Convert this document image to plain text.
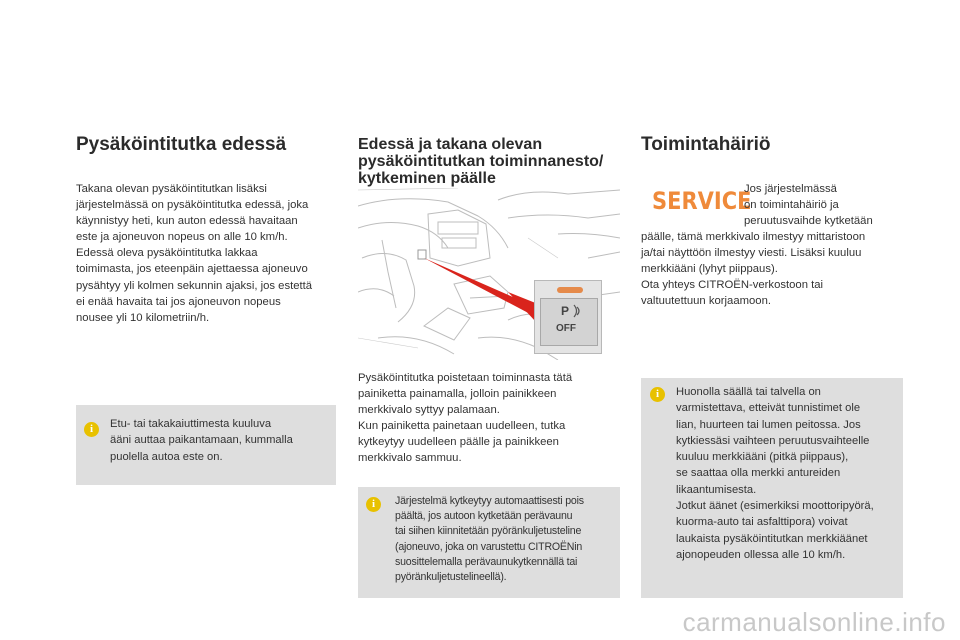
Pysäköintitutka edessä
Takana olevan pysäköintitutkan lisäksi
järjestelmässä on pysäköintitutka edessä, joka
käynnistyy heti, kun auton edessä havaitaan
este ja ajoneuvon nopeus on alle 10 km/h.
Edessä oleva pysäköintitutka lakkaa
toimimasta, jos eteenpäin ajettaessa ajoneuvo
pysähtyy yli kolmen sekunnin ajaksi, jos estettä
ei enää havaita tai jos ajoneuvon nopeus
nousee yli 10 kilometriin/h.
i	Etu- tai takakaiuttimesta kuuluva
ääni auttaa paikantamaan, kummalla
puolella autoa este on.
Edessä ja takana olevan
pysäköintitutkan toiminnanesto/
kytkeminen päälle
P
OFF
Pysäköintitutka poistetaan toiminnasta tätä
painiketta painamalla, jolloin painikkeen
merkkivalo syttyy palamaan.
Kun painiketta painetaan uudelleen, tutka
kytkeytyy uudelleen päälle ja painikkeen
merkkivalo sammuu.
i	Järjestelmä kytkeytyy automaattisesti pois
päältä, jos autoon kytketään perävaunu
tai siihen kiinnitetään pyöränkuljetusteline
(ajoneuvo, joka on varustettu CITROËNin
suosittelemalla perävaunukytkennällä tai
pyöränkuljetustelineellä).
Toimintahäiriö
SERVICE
Jos järjestelmässä
on toimintahäiriö ja
peruutusvaihde kytketään
päälle, tämä merkkivalo ilmestyy mittaristoon
ja/tai näyttöön ilmestyy viesti. Lisäksi kuuluu
merkkiääni (lyhyt piippaus).
Ota yhteys CITROËN-verkostoon tai
valtuutettuun korjaamoon.
i	Huonolla säällä tai talvella on
varmistettava, etteivät tunnistimet ole
lian, huurteen tai lumen peitossa. Jos
kytkiessäsi vaihteen peruutusvaihteelle
kuuluu merkkiääni (pitkä piippaus),
se saattaa olla merkki antureiden
likaantumisesta.
Jotkut äänet (esimerkiksi moottoripyörä,
kuorma-auto tai asfalttipora) voivat
laukaista pysäköintitutkan merkkiäänet
ajonopeuden ollessa alle 10 km/h.
carmanualsonline.info
